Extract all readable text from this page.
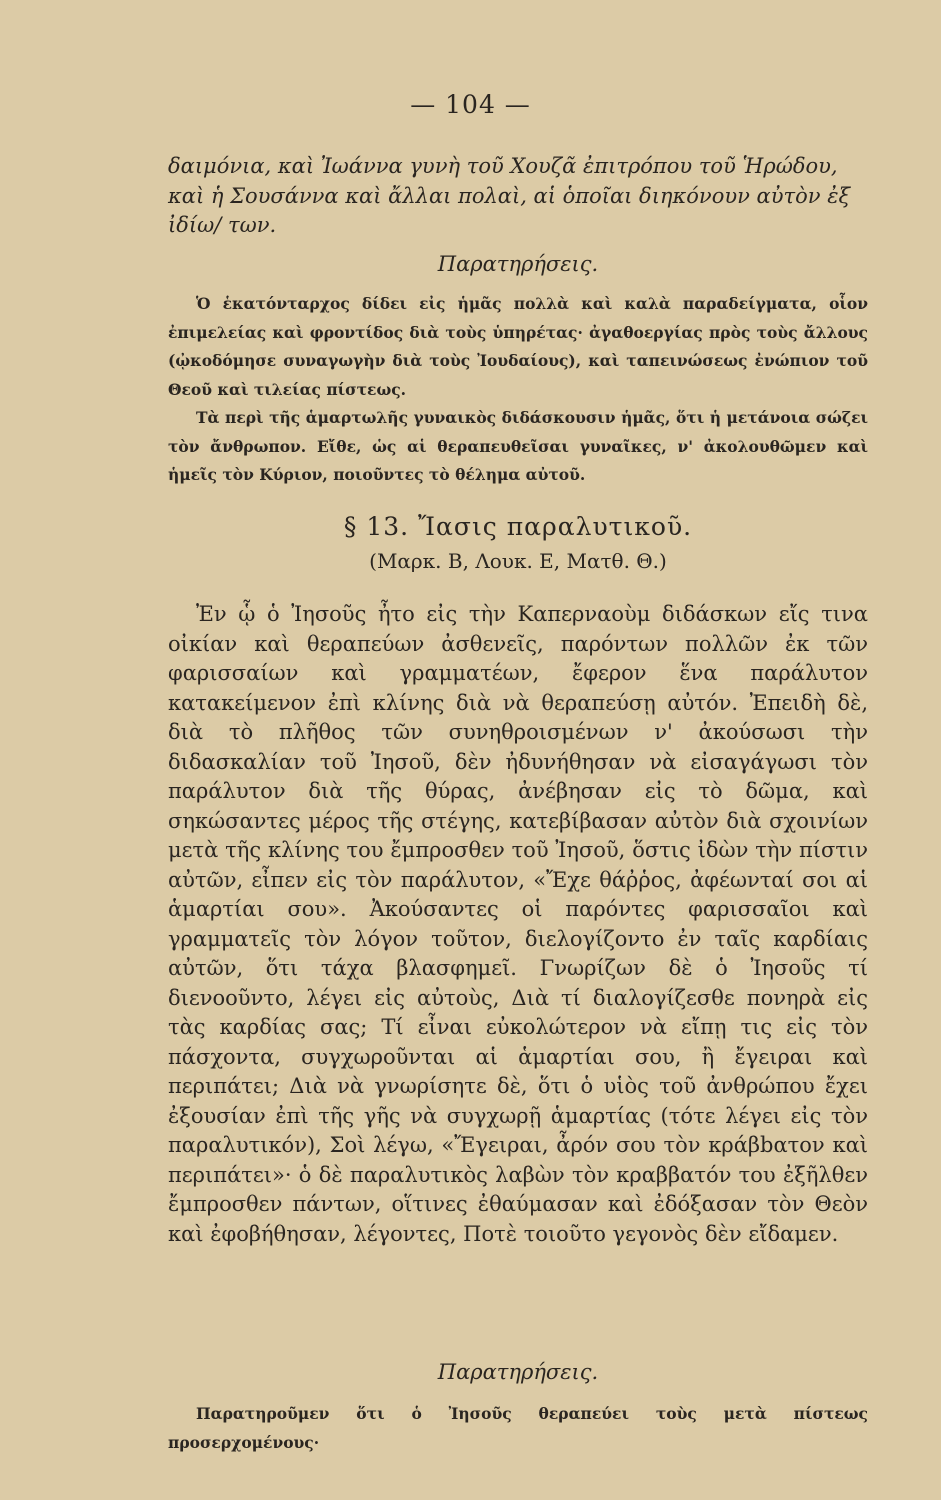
— 104 —

δαιμόνια, καὶ Ἰωάννα γυνὴ τοῦ Χουζᾶ ἐπιτρόπου τοῦ Ἡρώδου,

καὶ ἡ Σουσάννα καὶ ἄλλαι πολαὶ, αἱ ὁποῖαι διηκόνουν αὐτὸν ἐξ

ἰδίω/ των.

Παρατηρήσεις.

Ὁ ἑκατόνταρχος δίδει εἰς ἡμᾶς πολλὰ καὶ καλὰ παραδείγματα, οἷον ἐπιμελείας καὶ φροντίδος διὰ τοὺς ὑπηρέτας· ἀγαθοεργίας πρὸς τοὺς ἄλλους (ᾠκοδόμησε συναγωγὴν διὰ τοὺς Ἰουδαίους), καὶ ταπεινώσεως ἐνώπιον τοῦ Θεοῦ καὶ τιλείας πίστεως.

Τὰ περὶ τῆς ἁμαρτωλῆς γυναικὸς διδάσκουσιν ἡμᾶς, ὅτι ἡ μετάνοια σώζει τὸν ἄνθρωπον. Εἴθε, ὡς αἱ θεραπευθεῖσαι γυναῖκες, ν' ἀκολουθῶμεν καὶ ἡμεῖς τὸν Κύριον, ποιοῦντες τὸ θέλημα αὐτοῦ.

§ 13. Ἴασις παραλυτικοῦ.

(Μαρκ. Β, Λουκ. Ε, Ματθ. Θ.)

Ἐν ᾧ ὁ Ἰησοῦς ἦτο εἰς τὴν Καπερναοὺμ διδάσκων εἴς τινα οἰκίαν καὶ θεραπεύων ἀσθενεῖς, παρόντων πολλῶν ἐκ τῶν φαρισσαίων καὶ γραμματέων, ἔφερον ἕνα παράλυτον κατακείμενον ἐπὶ κλίνης διὰ νὰ θεραπεύσῃ αὐτόν. Ἐπειδὴ δὲ, διὰ τὸ πλῆθος τῶν συνηθροισμένων ν' ἀκούσωσι τὴν διδασκαλίαν τοῦ Ἰησοῦ, δὲν ἠδυνήθησαν νὰ εἰσαγάγωσι τὸν παράλυτον διὰ τῆς θύρας, ἀνέβησαν εἰς τὸ δῶμα, καὶ σηκώσαντες μέρος τῆς στέγης, κατεβίβασαν αὐτὸν διὰ σχοινίων μετὰ τῆς κλίνης του ἔμπροσθεν τοῦ Ἰησοῦ, ὅστις ἰδὼν τὴν πίστιν αὐτῶν, εἶπεν εἰς τὸν παράλυτον, «Ἔχε θάῤῥος, ἀφέωνταί σοι αἱ ἁμαρτίαι σου». Ἀκούσαντες οἱ παρόντες φαρισσαῖοι καὶ γραμματεῖς τὸν λόγον τοῦτον, διελογίζοντο ἐν ταῖς καρδίαις αὐτῶν, ὅτι τάχα βλασφημεῖ. Γνωρίζων δὲ ὁ Ἰησοῦς τί διενοοῦντο, λέγει εἰς αὐτοὺς, Διὰ τί διαλογίζεσθε πονηρὰ εἰς τὰς καρδίας σας; Τί εἶναι εὐκολώτερον νὰ εἴπῃ τις εἰς τὸν πάσχοντα, συγχωροῦνται αἱ ἁμαρτίαι σου, ἢ ἔγειραι καὶ περιπάτει; Διὰ νὰ γνωρίσητε δὲ, ὅτι ὁ υἱὸς τοῦ ἀνθρώπου ἔχει ἐξουσίαν ἐπὶ τῆς γῆς νὰ συγχωρῇ ἁμαρτίας (τότε λέγει εἰς τὸν παραλυτικόν), Σοὶ λέγω, «Ἔγειραι, ἆρόν σου τὸν κράβbατον καὶ περιπάτει»· ὁ δὲ παραλυτικὸς λαβὼν τὸν κραββατόν του ἐξῆλθεν ἔμπροσθεν πάντων, οἵτινες ἐθαύμασαν καὶ ἐδόξασαν τὸν Θεὸν καὶ ἐφοβήθησαν, λέγοντες, Ποτὲ τοιοῦτο γεγονὸς δὲν εἴδαμεν.

Παρατηρήσεις.

Παρατηροῦμεν ὅτι ὁ Ἰησοῦς θεραπεύει τοὺς μετὰ πίστεως προσερχομένους·
